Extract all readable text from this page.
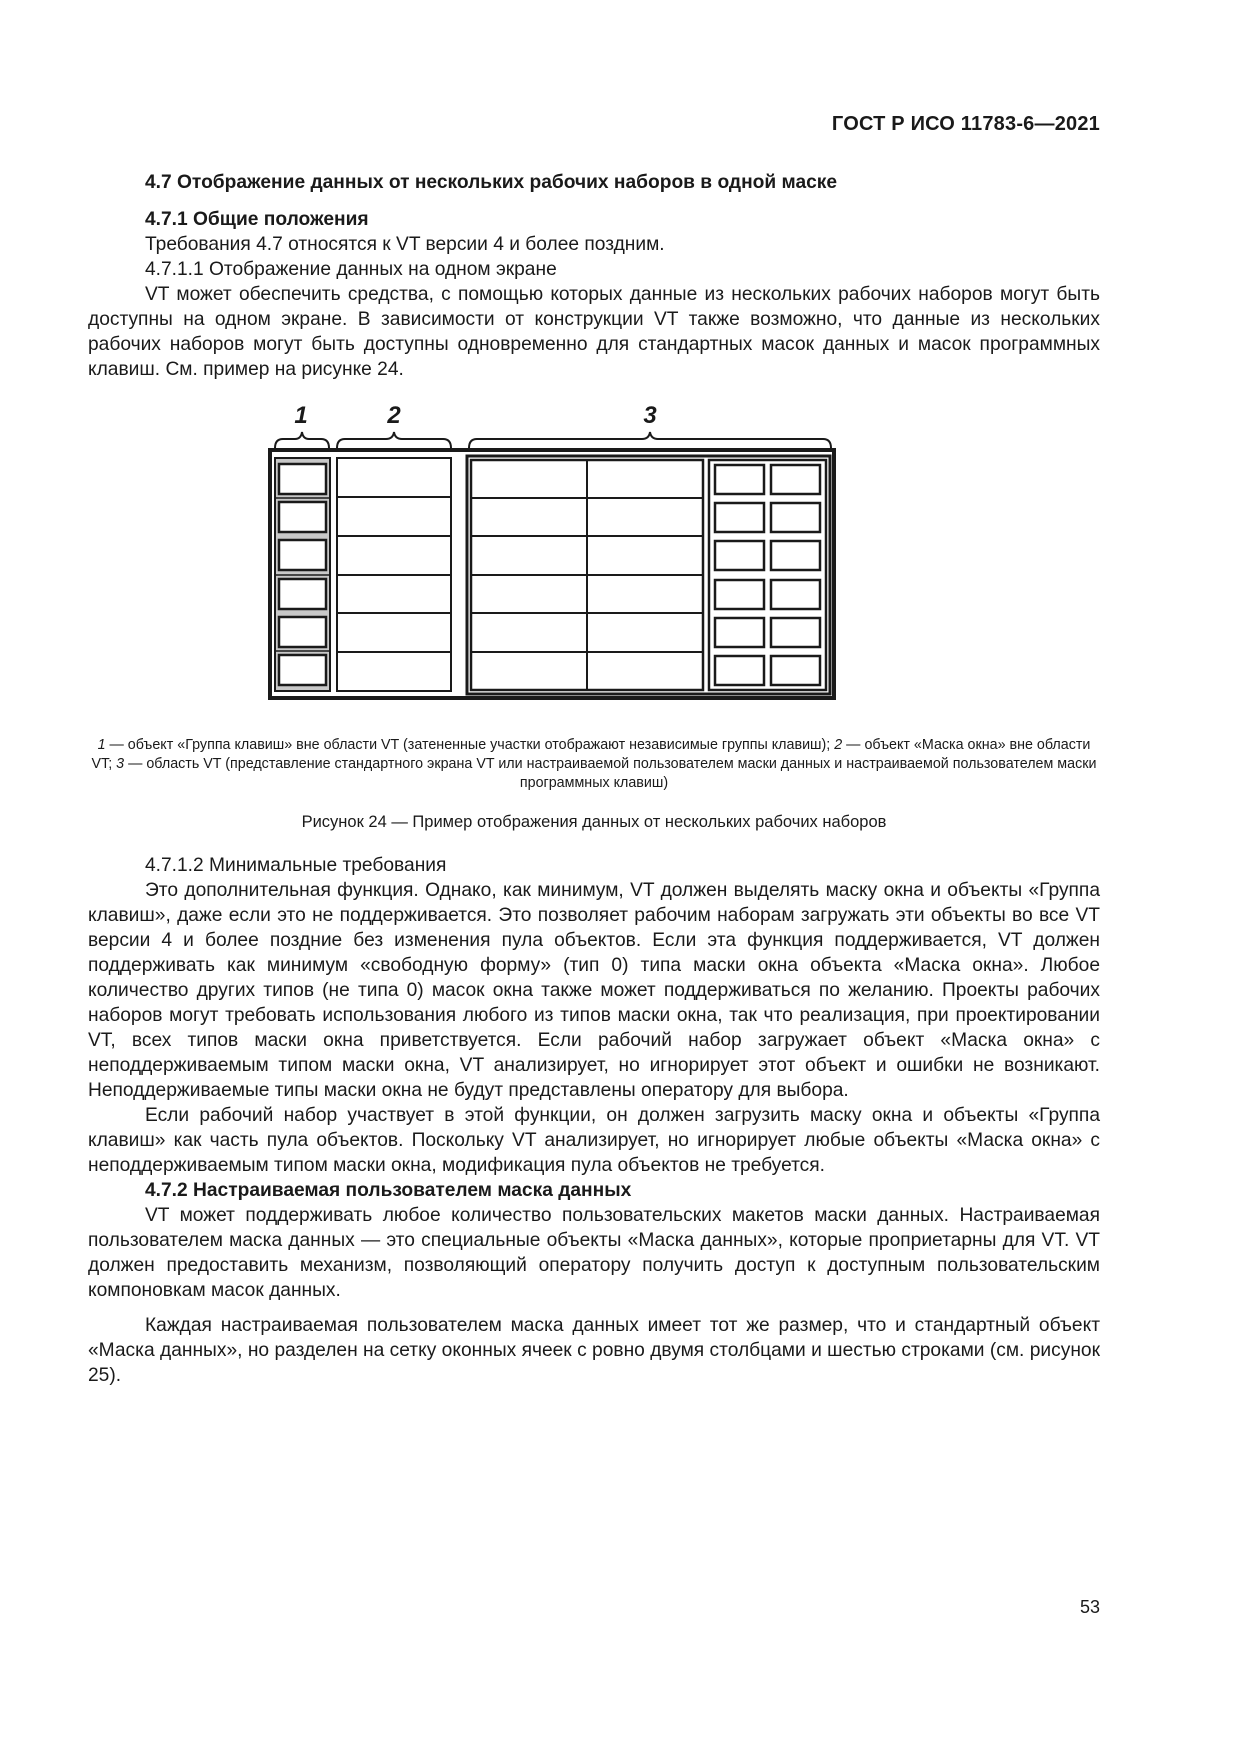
ГОСТ Р ИСО 11783-6—2021
4.7 Отображение данных от нескольких рабочих наборов в одной маске
4.7.1 Общие положения

Требования 4.7 относятся к VT версии 4 и более поздним.

4.7.1.1 Отображение данных на одном экране

VT может обеспечить средства, с помощью которых данные из нескольких рабочих наборов могут быть доступны на одном экране. В зависимости от конструкции VT также возможно, что данные из нескольких рабочих наборов могут быть доступны одновременно для стандартных масок данных и масок программных клавиш. См. пример на рисунке 24.

1	2	3
1 — объект «Группа клавиш» вне области VT (затененные участки отображают независимые группы клавиш); 2 — объект «Маска окна» вне области VT; 3 — область VT (представление стандартного экрана VT или настраиваемой пользователем маски данных и настраиваемой пользователем маски программных клавиш)
Рисунок 24 — Пример отображения данных от нескольких рабочих наборов

4.7.1.2 Минимальные требования

Это дополнительная функция. Однако, как минимум, VT должен выделять маску окна и объекты «Группа клавиш», даже если это не поддерживается. Это позволяет рабочим наборам загружать эти объекты во все VT версии 4 и более поздние без изменения пула объектов. Если эта функция поддерживается, VT должен поддерживать как минимум «свободную форму» (тип 0) типа маски окна объекта «Маска окна». Любое количество других типов (не типа 0) масок окна также может поддерживаться по желанию. Проекты рабочих наборов могут требовать использования любого из типов маски окна, так что реализация, при проектировании VT, всех типов маски окна приветствуется. Если рабочий набор загружает объект «Маска окна» с неподдерживаемым типом маски окна, VT анализирует, но игнорирует этот объект и ошибки не возникают. Неподдерживаемые типы маски окна не будут представлены оператору для выбора.

Если рабочий набор участвует в этой функции, он должен загрузить маску окна и объекты «Группа клавиш» как часть пула объектов. Поскольку VT анализирует, но игнорирует любые объекты «Маска окна» с неподдерживаемым типом маски окна, модификация пула объектов не требуется.

4.7.2 Настраиваемая пользователем маска данных

VT может поддерживать любое количество пользовательских макетов маски данных. Настраиваемая пользователем маска данных — это специальные объекты «Маска данных», которые проприетарны для VT. VT должен предоставить механизм, позволяющий оператору получить доступ к доступным пользовательским компоновкам масок данных.

Каждая настраиваемая пользователем маска данных имеет тот же размер, что и стандартный объект «Маска данных», но разделен на сетку оконных ячеек с ровно двумя столбцами и шестью строками (см. рисунок 25).

53
